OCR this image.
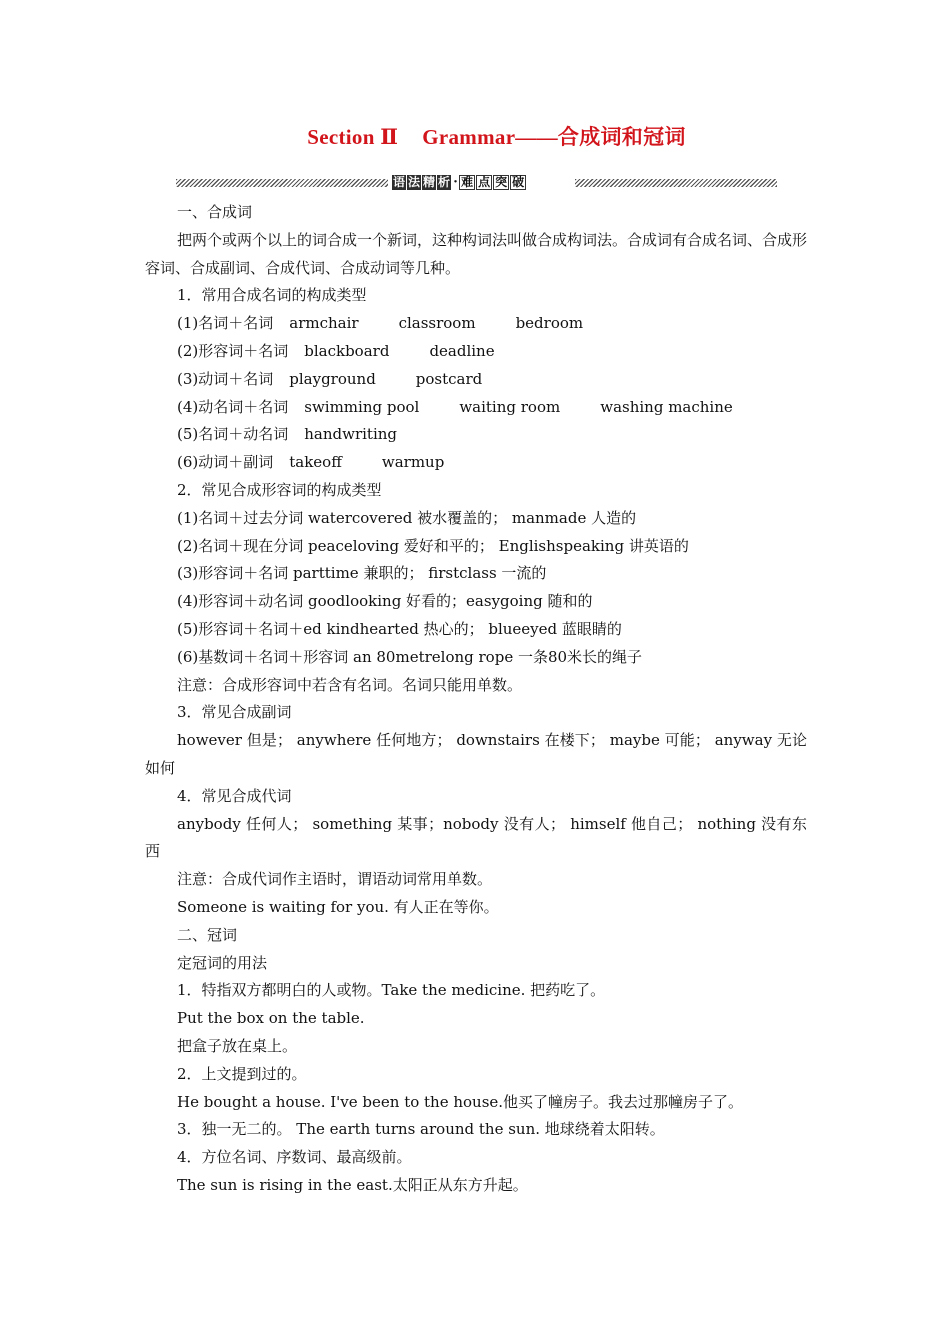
Section Ⅱ Grammar——合成词和冠词
语 法 精 析 · 难 点 突 破
一、合成词
把两个或两个以上的词合成一个新词，这种构词法叫做合成构词法。合成词有合成名词、合成形容词、合成副词、合成代词、合成动词等几种。
1．常用合成名词的构成类型
(1)名词＋名词 armchair	classroom	bedroom
(2)形容词＋名词 blackboard	deadline
(3)动词＋名词 playground	postcard
(4)动名词＋名词 swimming pool	waiting room	washing machine
(5)名词＋动名词 handwriting
(6)动词＋副词 takeoff	warmup
2．常见合成形容词的构成类型
(1)名词＋过去分词 watercovered 被水覆盖的； manmade 人造的
(2)名词＋现在分词 peaceloving 爱好和平的； Englishspeaking 讲英语的
(3)形容词＋名词 parttime 兼职的； firstclass 一流的
(4)形容词＋动名词 goodlooking 好看的；easygoing 随和的
(5)形容词＋名词＋ed kindhearted 热心的； blueeyed 蓝眼睛的
(6)基数词＋名词＋形容词 an 80metrelong rope 一条80米长的绳子
注意：合成形容词中若含有名词。名词只能用单数。
3．常见合成副词
however 但是； anywhere 任何地方； downstairs 在楼下； maybe 可能； anyway 无论如何
4．常见合成代词
anybody 任何人； something 某事；nobody 没有人； himself 他自己； nothing 没有东西
注意：合成代词作主语时，谓语动词常用单数。
Someone is waiting for you. 有人正在等你。
二、冠词
定冠词的用法
1．特指双方都明白的人或物。Take the medicine. 把药吃了。
Put the box on the table.
把盒子放在桌上。
2．上文提到过的。
He bought a house. I've been to the house.他买了幢房子。我去过那幢房子了。
3．独一无二的。 The earth turns around the sun. 地球绕着太阳转。
4．方位名词、序数词、最高级前。
The sun is rising in the east.太阳正从东方升起。
